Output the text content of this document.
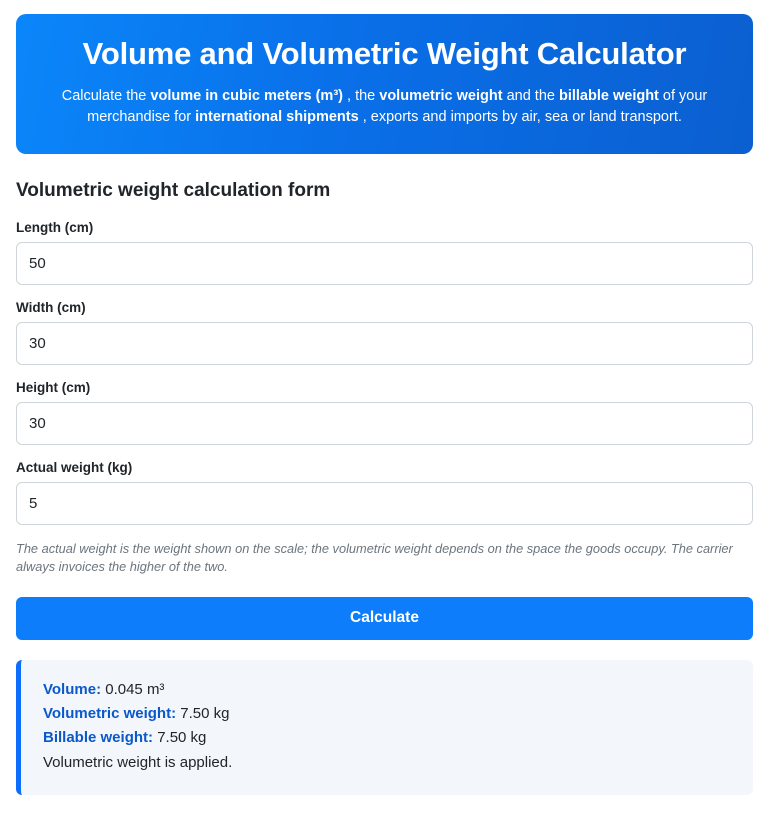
Volume and Volumetric Weight Calculator

Calculate the volume in cubic meters (m³) , the volumetric weight and the billable weight of your merchandise for international shipments , exports and imports by air, sea or land transport.

Volumetric weight calculation form
Length (cm)
50
Width (cm)
30
Height (cm)
30
Actual weight (kg)
5

The actual weight is the weight shown on the scale; the volumetric weight depends on the space the goods occupy. The carrier always invoices the higher of the two.

Calculate
Volume: 0.045 m³
Volumetric weight: 7.50 kg
Billable weight: 7.50 kg
Volumetric weight is applied.
